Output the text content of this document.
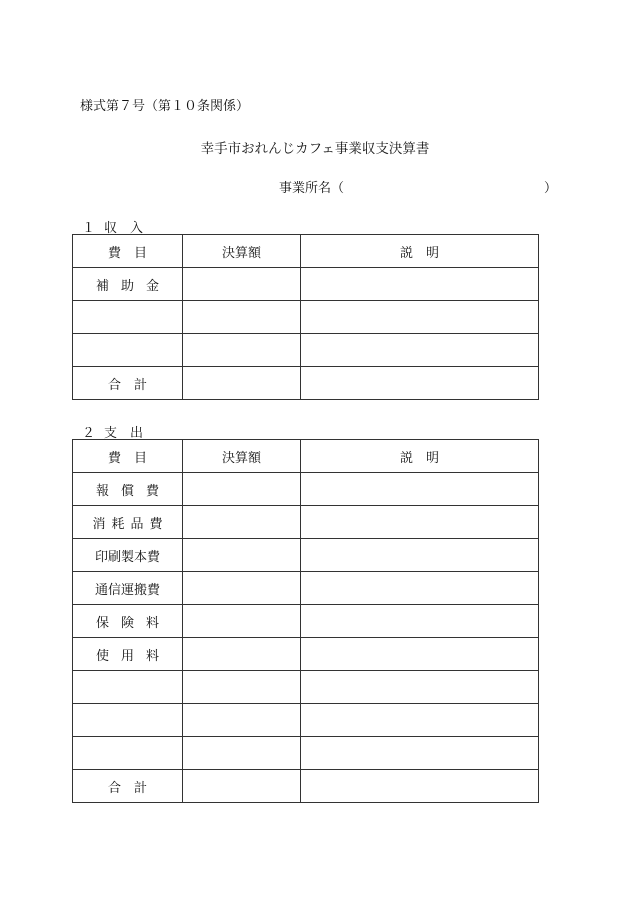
様式第７号（第１０条関係）
幸手市おれんじカフェ事業収支決算書
事業所名（	）
１ 収　入
費　目	決算額	説　明
補助金		

合　計		
２ 支　出
費　目	決算額	説　明
報償費		
消耗品費		
印刷製本費		
通信運搬費		
保険料		
使用料		

合　計		
